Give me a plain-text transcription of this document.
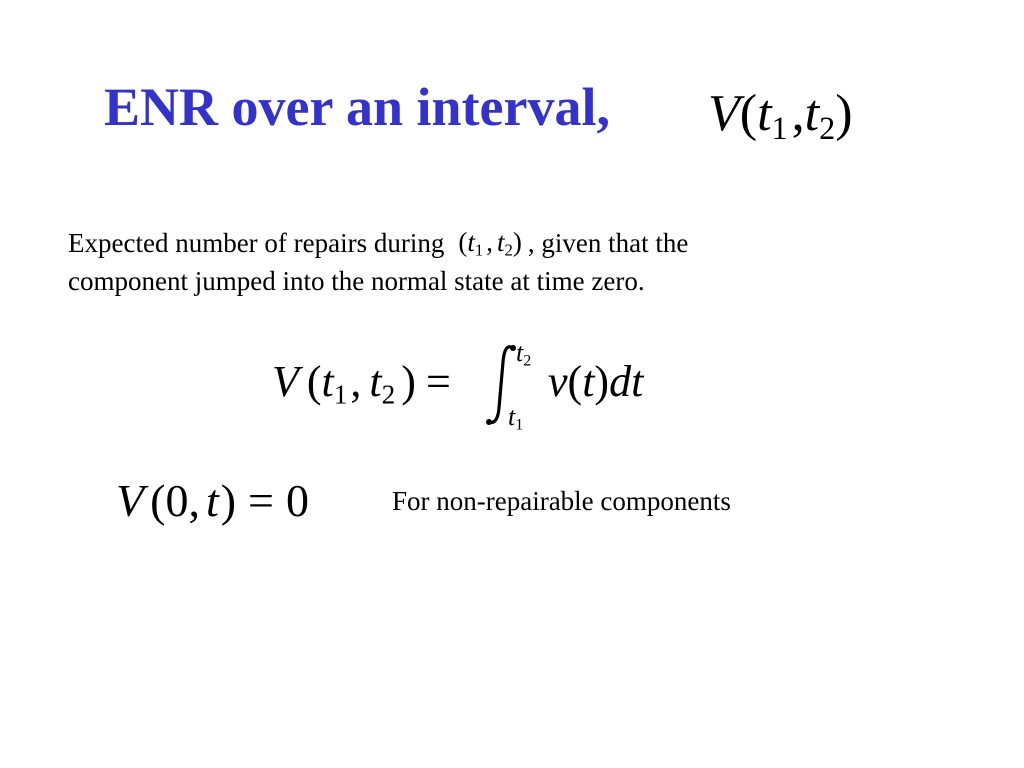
ENR over an interval, $V(t_1,t_2)$
Expected number of repairs during ($t_1$ , $t_2$) , given that the
component jumped into the normal state at time zero.
V ($t_1$, $t_2$ ) =
$t_2$
$t_1$
v(t)dt
V (0, t) = 0	For non-repairable components
